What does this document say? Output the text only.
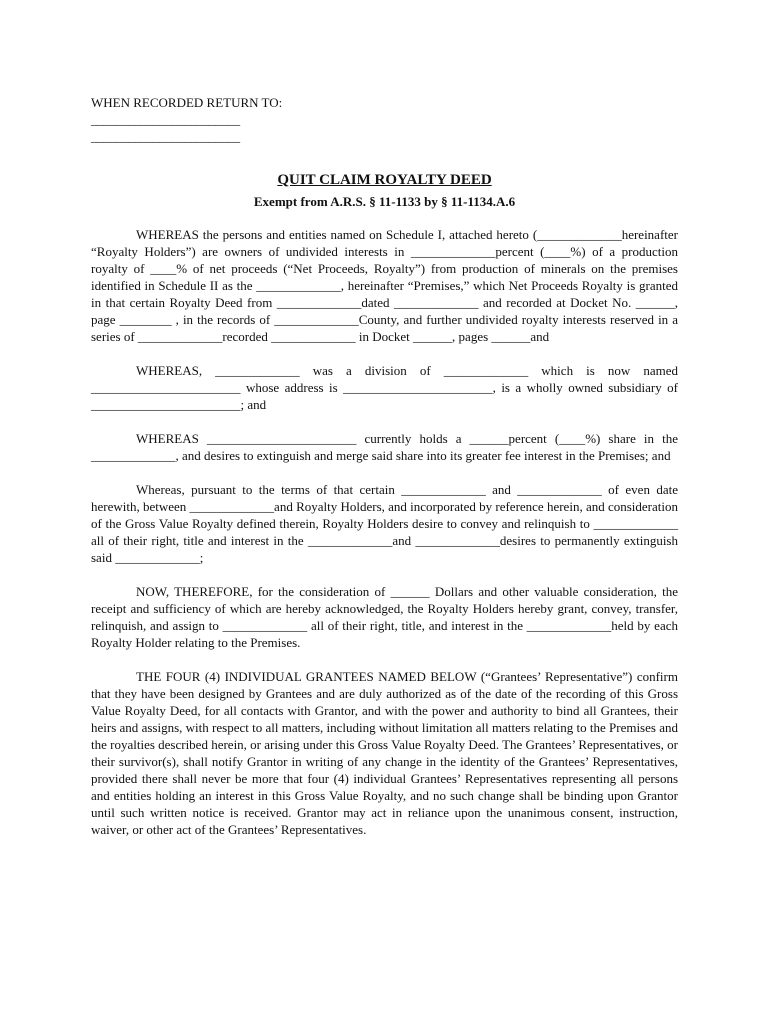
WHEN RECORDED RETURN TO:

________________________

________________________

QUIT CLAIM ROYALTY DEED

Exempt from A.R.S. § 11-1133 by § 11-1134.A.6

WHEREAS the persons and entities named on Schedule I, attached hereto (_____________hereinafter “Royalty Holders”) are owners of undivided interests in _____________percent (____%) of a production royalty of ____% of net proceeds (“Net Proceeds, Royalty”) from production of minerals on the premises identified in Schedule II as the _____________, hereinafter “Premises,” which Net Proceeds Royalty is granted in that certain Royalty Deed from _____________dated _____________ and recorded at Docket No. ______, page ________ , in the records of _____________County, and further undivided royalty interests reserved in a series of _____________recorded _____________ in Docket ______, pages ______and

WHEREAS, _____________ was a division of _____________ which is now named _______________________ whose address is _______________________, is a wholly owned subsidiary of _______________________; and

WHEREAS _______________________ currently holds a ______percent (____%) share in the _____________, and desires to extinguish and merge said share into its greater fee interest in the Premises; and

Whereas, pursuant to the terms of that certain _____________ and _____________ of even date herewith, between _____________and Royalty Holders, and incorporated by reference herein, and consideration of the Gross Value Royalty defined therein, Royalty Holders desire to convey and relinquish to _____________ all of their right, title and interest in the _____________and _____________desires to permanently extinguish said _____________;

NOW, THEREFORE, for the consideration of ______ Dollars and other valuable consideration, the receipt and sufficiency of which are hereby acknowledged, the Royalty Holders hereby grant, convey, transfer, relinquish, and assign to _____________ all of their right, title, and interest in the _____________held by each Royalty Holder relating to the Premises.

THE FOUR (4) INDIVIDUAL GRANTEES NAMED BELOW (“Grantees’ Representative”) confirm that they have been designed by Grantees and are duly authorized as of the date of the recording of this Gross Value Royalty Deed, for all contacts with Grantor, and with the power and authority to bind all Grantees, their heirs and assigns, with respect to all matters, including without limitation all matters relating to the Premises and the royalties described herein, or arising under this Gross Value Royalty Deed. The Grantees’ Representatives, or their survivor(s), shall notify Grantor in writing of any change in the identity of the Grantees’ Representatives, provided there shall never be more that four (4) individual Grantees’ Representatives representing all persons and entities holding an interest in this Gross Value Royalty, and no such change shall be binding upon Grantor until such written notice is received. Grantor may act in reliance upon the unanimous consent, instruction, waiver, or other act of the Grantees’ Representatives.
